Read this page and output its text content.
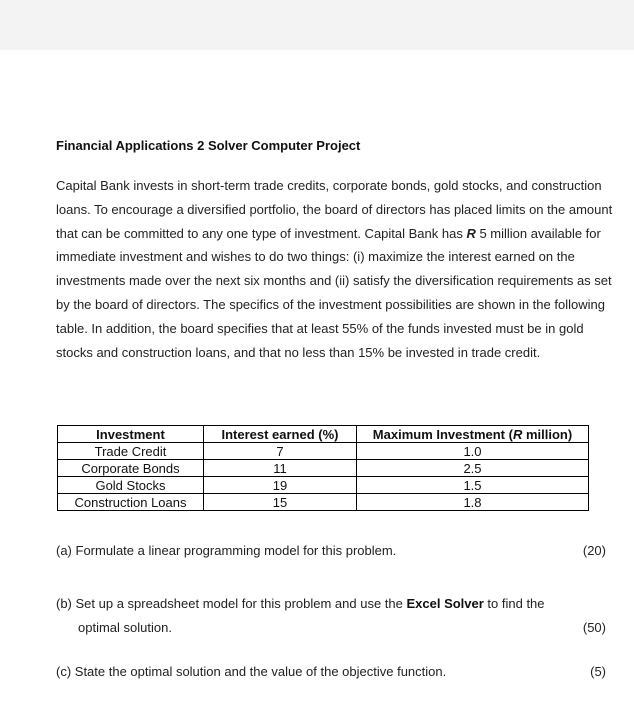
Financial Applications 2 Solver Computer Project

Capital Bank invests in short-term trade credits, corporate bonds, gold stocks, and construction loans. To encourage a diversified portfolio, the board of directors has placed limits on the amount that can be committed to any one type of investment. Capital Bank has R 5 million available for immediate investment and wishes to do two things: (i) maximize the interest earned on the investments made over the next six months and (ii) satisfy the diversification requirements as set by the board of directors. The specifics of the investment possibilities are shown in the following table. In addition, the board specifies that at least 55% of the funds invested must be in gold stocks and construction loans, and that no less than 15% be invested in trade credit.

Investment	Interest earned (%)	Maximum Investment (R million)
Trade Credit	7	1.0
Corporate Bonds	11	2.5
Gold Stocks	19	1.5
Construction Loans	15	1.8
(a) Formulate a linear programming model for this problem.	(20)
(b) Set up a spreadsheet model for this problem and use the Excel Solver to find the
optimal solution.	(50)
(c) State the optimal solution and the value of the objective function.	(5)
